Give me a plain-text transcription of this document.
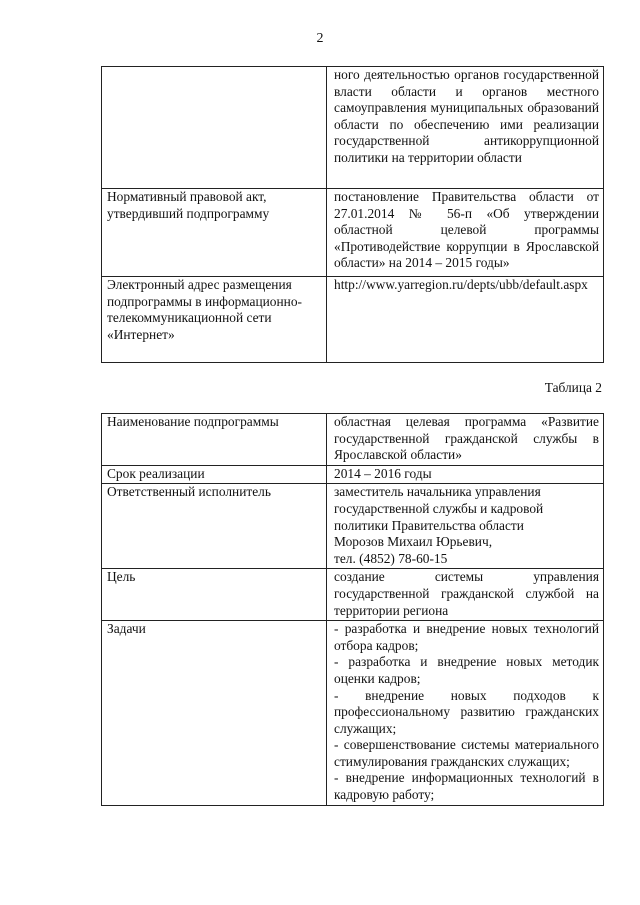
2
	ного деятельностью органов государственной власти области и органов местного самоуправления муниципальных образований области по обеспечению ими реализации государственной антикоррупционной политики на территории области
Нормативный правовой акт, утвердивший подпрограмму	постановление Правительства области от 27.01.2014 № 56-п «Об утверждении областной целевой программы «Противодействие коррупции в Ярославской области» на 2014 – 2015 годы»
Электронный адрес размещения подпрограммы в информационно-телекоммуникационной сети «Интернет»	http://www.yarregion.ru/depts/ubb/default.aspx
Таблица 2
Наименование подпрограммы	областная целевая программа «Развитие государственной гражданской службы в Ярославской области»
Срок реализации	2014 – 2016 годы
Ответственный исполнитель	заместитель начальника управления государственной службы и кадровой политики Правительства области
Морозов Михаил Юрьевич,
тел. (4852) 78-60-15

Цель	создание системы управления государственной гражданской службой на территории региона
Задачи	- разработка и внедрение новых технологий отбора кадров;
- разработка и внедрение новых методик оценки кадров;
- внедрение новых подходов к профессиональному развитию гражданских служащих;
- совершенствование системы материального стимулирования гражданских служащих;
- внедрение информационных технологий в кадровую работу;
